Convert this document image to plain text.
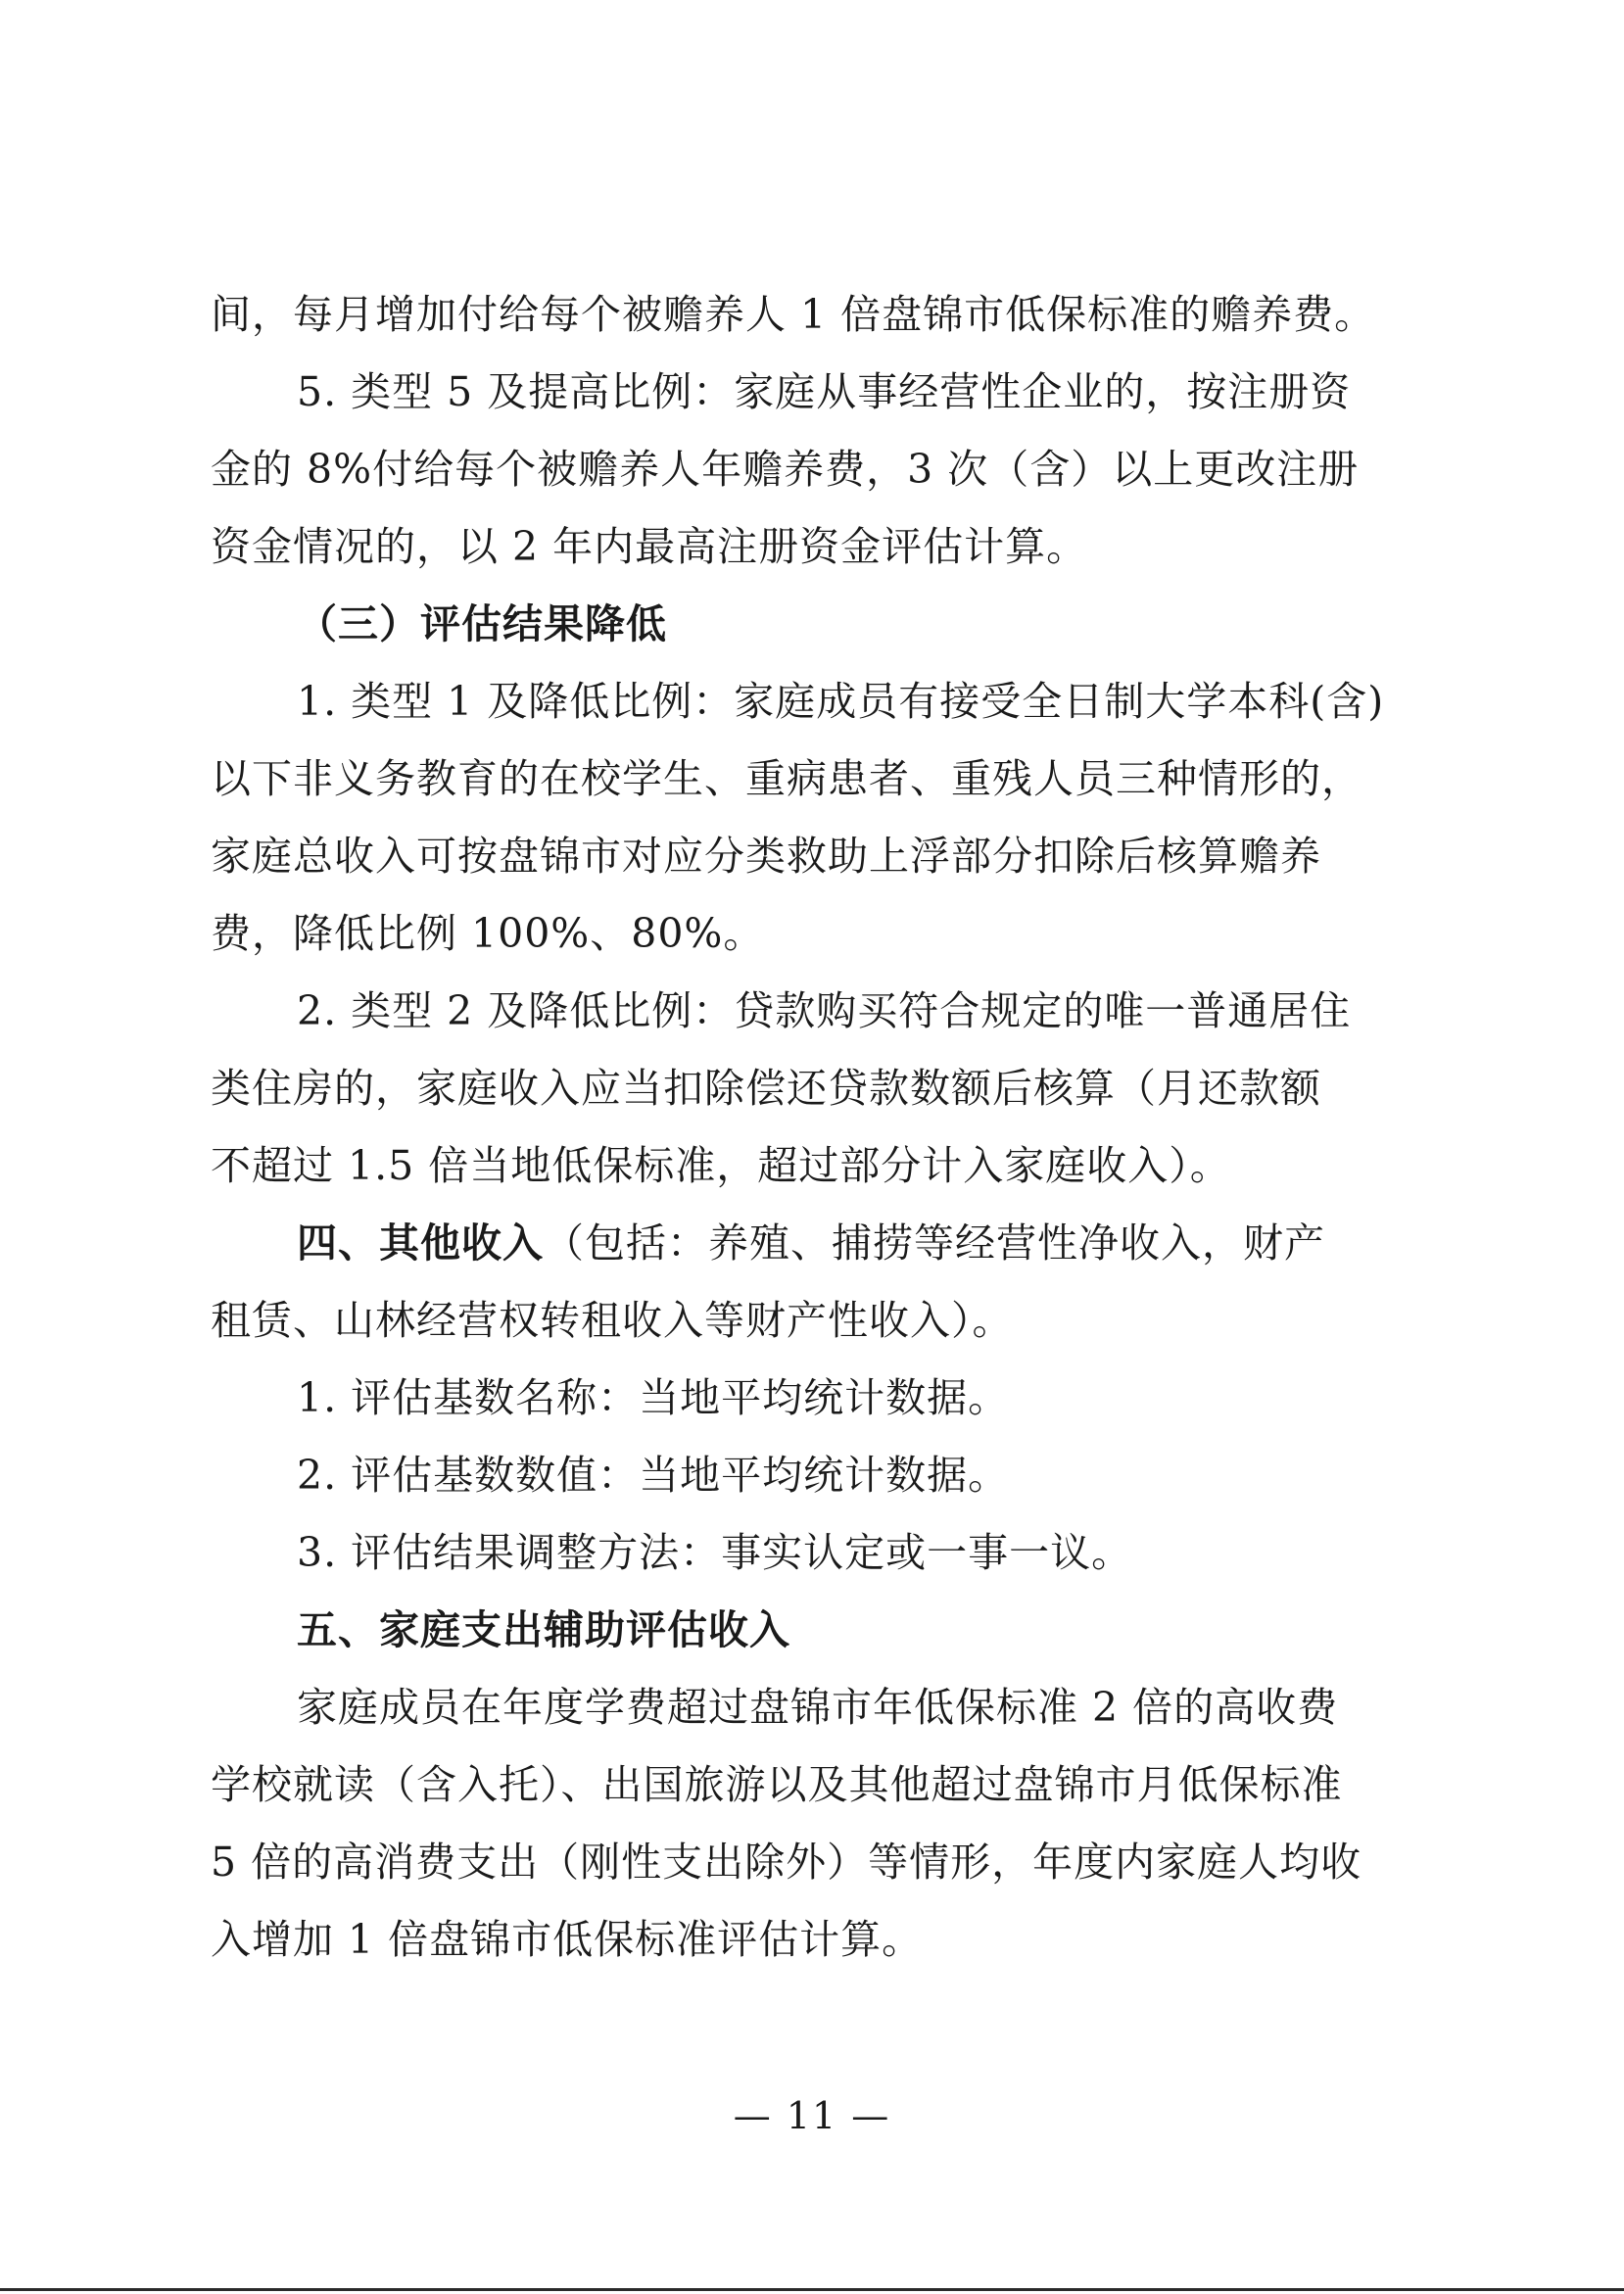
间，每月增加付给每个被赡养人 1 倍盘锦市低保标准的赡养费。
5. 类型 5 及提高比例：家庭从事经营性企业的，按注册资
金的 8%付给每个被赡养人年赡养费，3 次（含）以上更改注册
资金情况的，以 2 年内最高注册资金评估计算。
（三）评估结果降低
1. 类型 1 及降低比例：家庭成员有接受全日制大学本科(含)
以下非义务教育的在校学生、重病患者、重残人员三种情形的，
家庭总收入可按盘锦市对应分类救助上浮部分扣除后核算赡养
费，降低比例 100%、80%。
2. 类型 2 及降低比例：贷款购买符合规定的唯一普通居住
类住房的，家庭收入应当扣除偿还贷款数额后核算（月还款额
不超过 1.5 倍当地低保标准，超过部分计入家庭收入）。
四、其他收入（包括：养殖、捕捞等经营性净收入，财产
租赁、山林经营权转租收入等财产性收入）。
1. 评估基数名称：当地平均统计数据。
2. 评估基数数值：当地平均统计数据。
3. 评估结果调整方法：事实认定或一事一议。
五、家庭支出辅助评估收入
家庭成员在年度学费超过盘锦市年低保标准 2 倍的高收费
学校就读（含入托）、出国旅游以及其他超过盘锦市月低保标准
5 倍的高消费支出（刚性支出除外）等情形，年度内家庭人均收
入增加 1 倍盘锦市低保标准评估计算。
— 11 —
